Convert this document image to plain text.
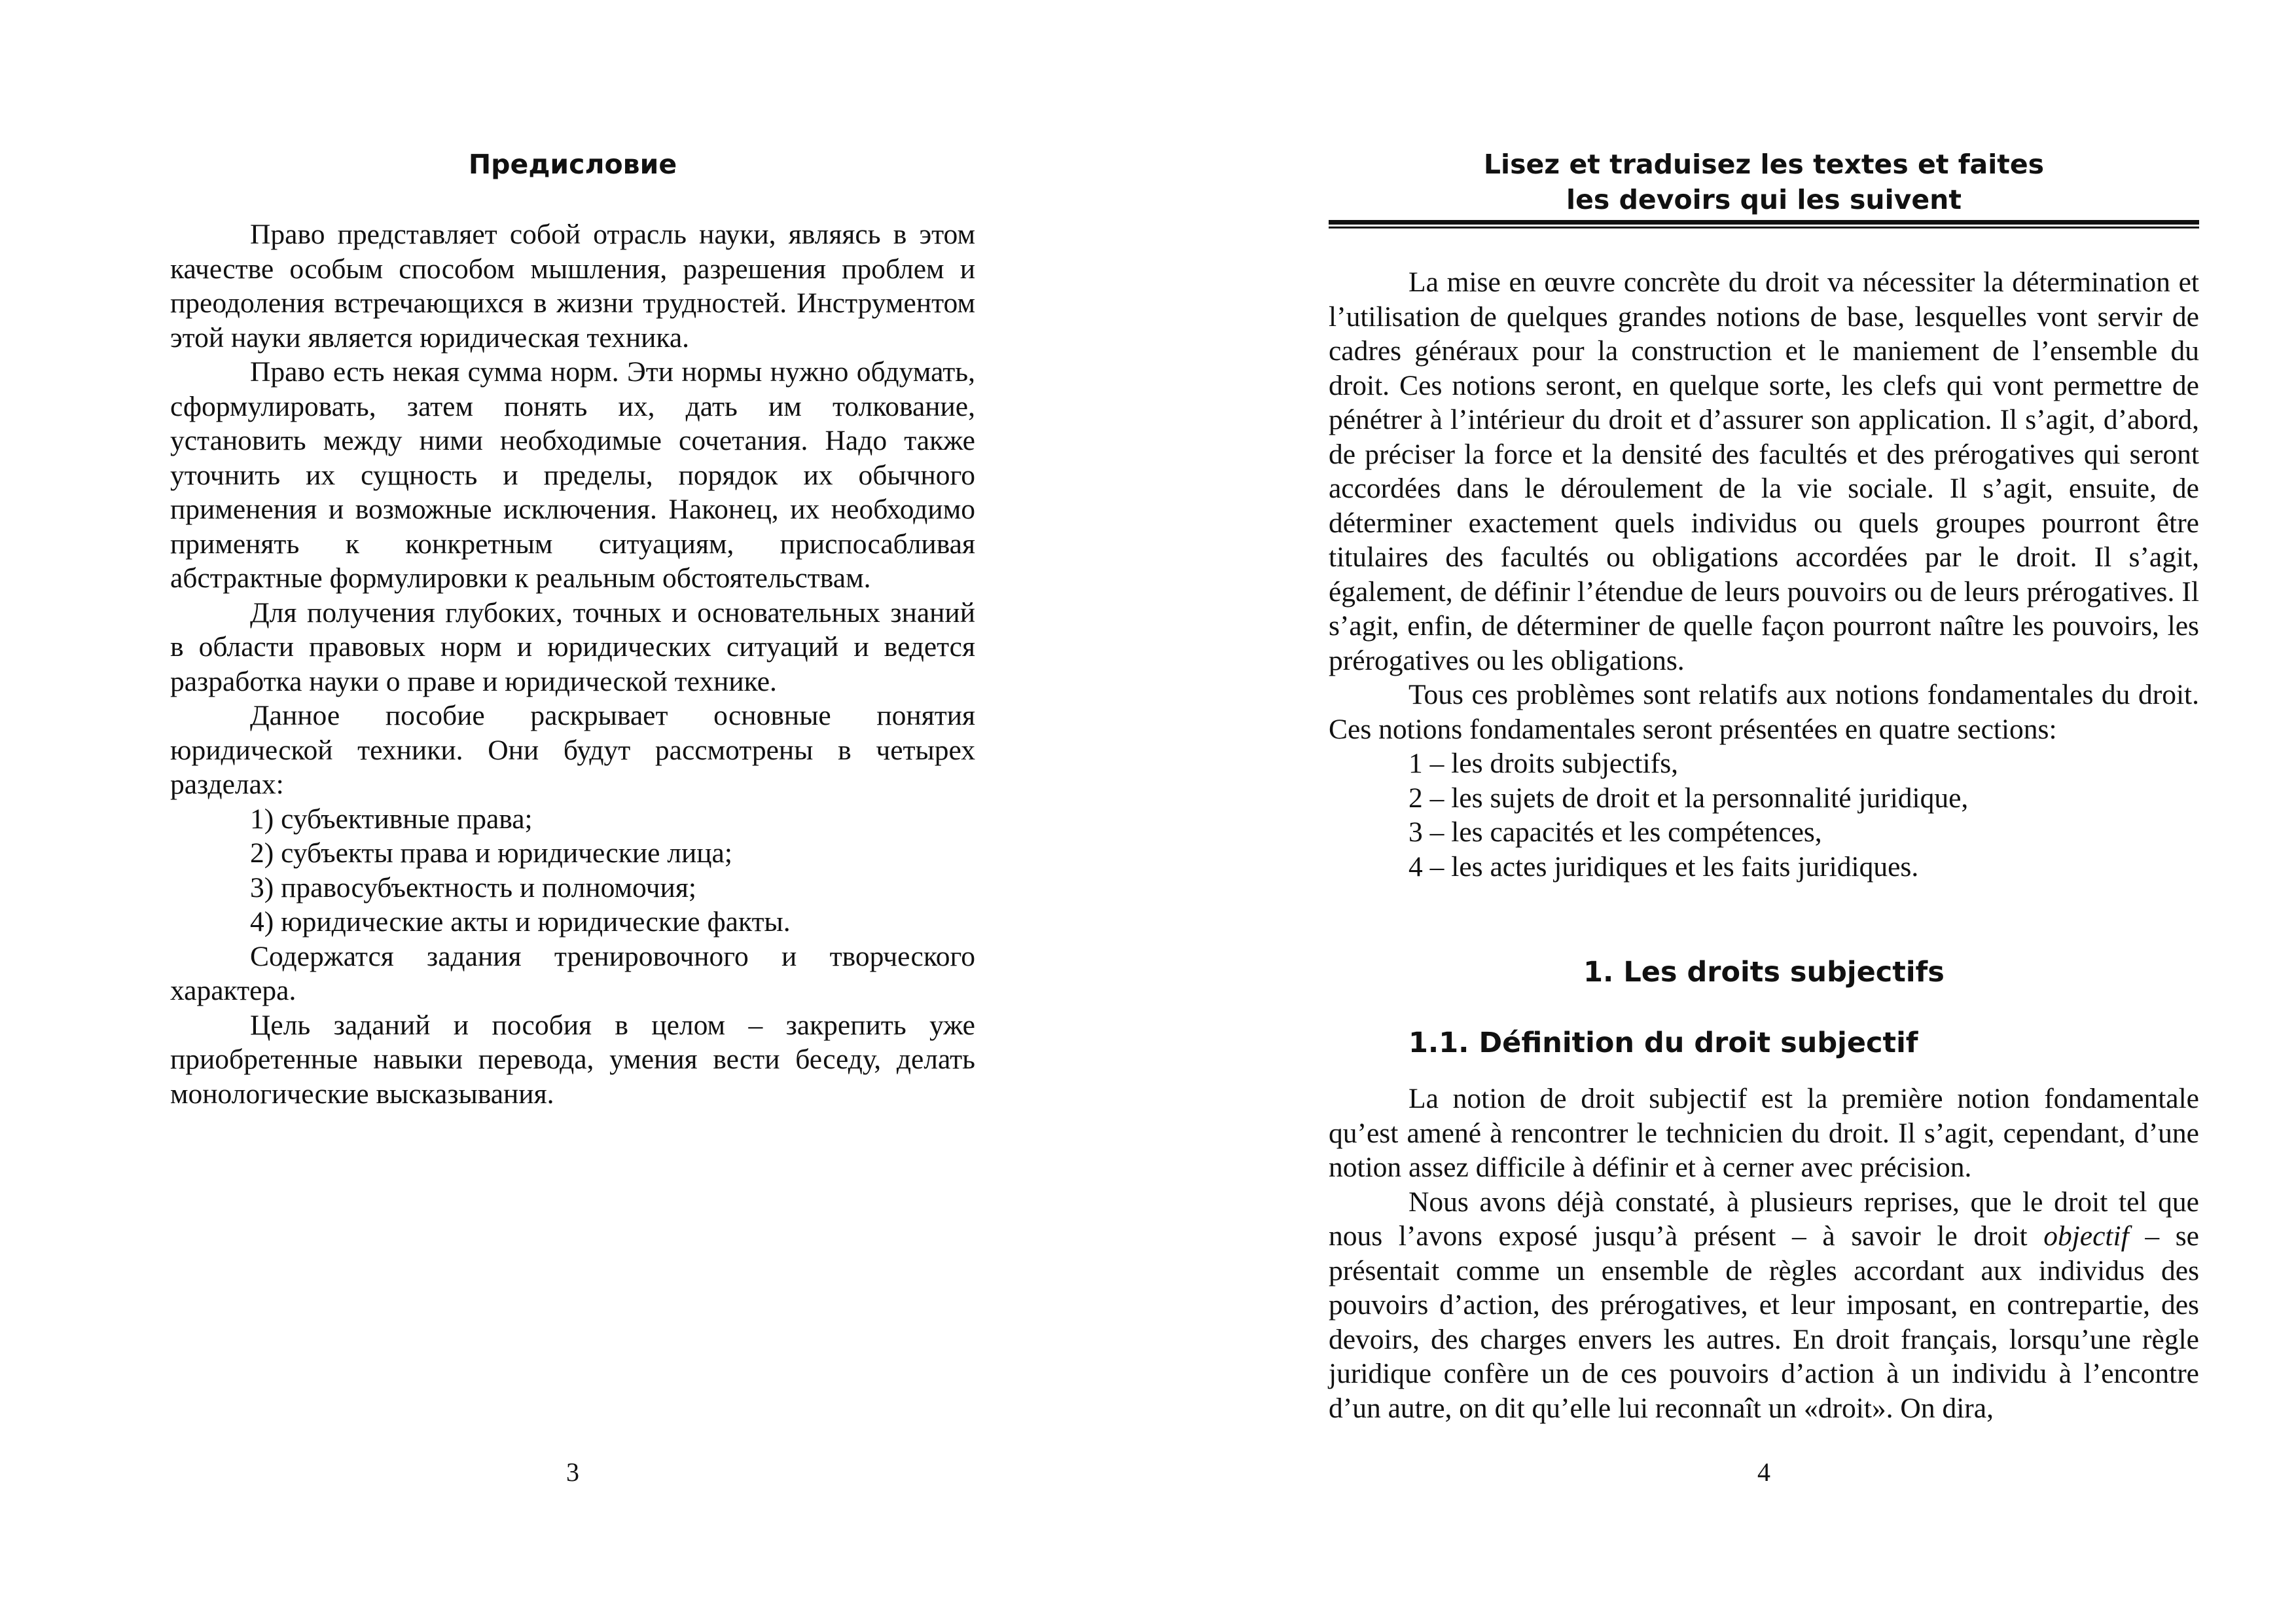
Предисловие

Право представляет собой отрасль науки, являясь в этом качестве особым способом мышления, разрешения проблем и преодоления встречающихся в жизни трудностей. Инструментом этой науки является юридическая техника.

Право есть некая сумма норм. Эти нормы нужно обдумать, сформулировать, затем понять их, дать им толкование, установить между ними необходимые сочетания. Надо также уточнить их сущность и пределы, порядок их обычного применения и возможные исключения. Наконец, их необходимо применять к конкретным ситуациям, приспосабливая абстрактные формулировки к реальным обстоятельствам.

Для получения глубоких, точных и основательных знаний в области правовых норм и юридических ситуаций и ведется разработка науки о праве и юридической технике.

Данное пособие раскрывает основные понятия юридической техники. Они будут рассмотрены в четырех разделах:

1) субъективные права;
2) субъекты права и юридические лица;
3) правосубъектность и полномочия;
4) юридические акты и юридические факты.

Содержатся задания тренировочного и творческого характера.

Цель заданий и пособия в целом – закрепить уже приобретенные навыки перевода, умения вести беседу, делать монологические высказывания.

3
Lisez et traduisez les textes et faites
les devoirs qui les suivent

La mise en œuvre concrète du droit va nécessiter la détermination et l’utilisation de quelques grandes notions de base, lesquelles vont servir de cadres généraux pour la construction et le maniement de l’ensemble du droit. Ces notions seront, en quelque sorte, les clefs qui vont permettre de pénétrer à l’intérieur du droit et d’assurer son application. Il s’agit, d’abord, de préciser la force et la densité des facultés et des prérogatives qui seront accordées dans le déroulement de la vie sociale. Il s’agit, ensuite, de déterminer exactement quels individus ou quels groupes pourront être titulaires des facultés ou obligations accordées par le droit. Il s’agit, également, de définir l’étendue de leurs pouvoirs ou de leurs prérogatives. Il s’agit, enfin, de déterminer de quelle façon pourront naître les pouvoirs, les prérogatives ou les obligations.

Tous ces problèmes sont relatifs aux notions fondamentales du droit. Ces notions fondamentales seront présentées en quatre sections:

1 – les droits subjectifs,
2 – les sujets de droit et la personnalité juridique,
3 – les capacités et les compétences,
4 – les actes juridiques et les faits juridiques.
1. Les droits subjectifs
1.1. Définition du droit subjectif

La notion de droit subjectif est la première notion fondamentale qu’est amené à rencontrer le technicien du droit. Il s’agit, cependant, d’une notion assez difficile à définir et à cerner avec précision.

Nous avons déjà constaté, à plusieurs reprises, que le droit tel que nous l’avons exposé jusqu’à présent – à savoir le droit objectif – se présentait comme un ensemble de règles accordant aux individus des pouvoirs d’action, des prérogatives, et leur imposant, en contrepartie, des devoirs, des charges envers les autres. En droit français, lorsqu’une règle juridique confère un de ces pouvoirs d’action à un individu à l’encontre d’un autre, on dit qu’elle lui reconnaît un «droit». On dira,

4
